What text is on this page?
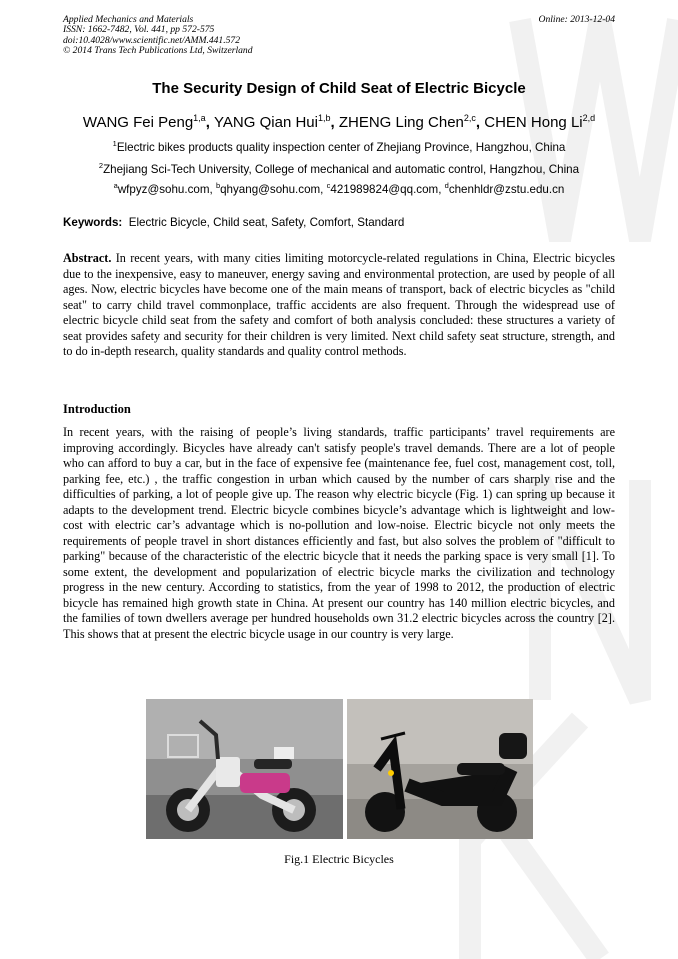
Applied Mechanics and Materials
ISSN: 1662-7482, Vol. 441, pp 572-575
doi:10.4028/www.scientific.net/AMM.441.572
© 2014 Trans Tech Publications Ltd, Switzerland
Online: 2013-12-04
The Security Design of Child Seat of Electric Bicycle
WANG Fei Peng$^{1,a}$, YANG Qian Hui$^{1,b}$, ZHENG Ling Chen$^{2,c}$, CHEN Hong Li$^{2,d}$
$^1$Electric bikes products quality inspection center of Zhejiang Province, Hangzhou, China
$^2$Zhejiang Sci-Tech University, College of mechanical and automatic control, Hangzhou, China
$^a$wfpyz@sohu.com, $^b$qhyang@sohu.com, $^c$421989824@qq.com, $^d$chenhldr@zstu.edu.cn
Keywords: Electric Bicycle, Child seat, Safety, Comfort, Standard
Abstract. In recent years, with many cities limiting motorcycle-related regulations in China, Electric bicycles due to the inexpensive, easy to maneuver, energy saving and environmental protection, are used by people of all ages. Now, electric bicycles have become one of the main means of transport, back of electric bicycles as "child seat" to carry child travel commonplace, traffic accidents are also frequent. Through the widespread use of electric bicycle child seat from the safety and comfort of both analysis concluded: these structures a variety of seat provides safety and security for their children is very limited. Next child safety seat structure, strength, and to do in-depth research, quality standards and quality control methods.
Introduction
In recent years, with the raising of people’s living standards, traffic participants’ travel requirements are improving accordingly. Bicycles have already can't satisfy people's travel demands. There are a lot of people who can afford to buy a car, but in the face of expensive fee (maintenance fee, fuel cost, management cost, toll, parking fee, etc.) , the traffic congestion in urban which caused by the number of cars sharply rise and the difficulties of parking, a lot of people give up. The reason why electric bicycle (Fig. 1) can spring up because it adapts to the development trend. Electric bicycle combines bicycle’s advantage which is lightweight and low-cost with electric car’s advantage which is no-pollution and low-noise. Electric bicycle not only meets the requirements of people travel in short distances efficiently and fast, but also solves the problem of "difficult to parking" because of the characteristic of the electric bicycle that it needs the parking space is very small [1]. To some extent, the development and popularization of electric bicycle marks the civilization and technology progress in the new century. According to statistics, from the year of 1998 to 2012, the production of electric bicycle has remained high growth state in China. At present our country has 140 million electric bicycles, and the families of town dwellers average per hundred households own 31.2 electric bicycles across the country [2]. This shows that at present the electric bicycle usage in our country is very large.
Fig.1 Electric Bicycles
